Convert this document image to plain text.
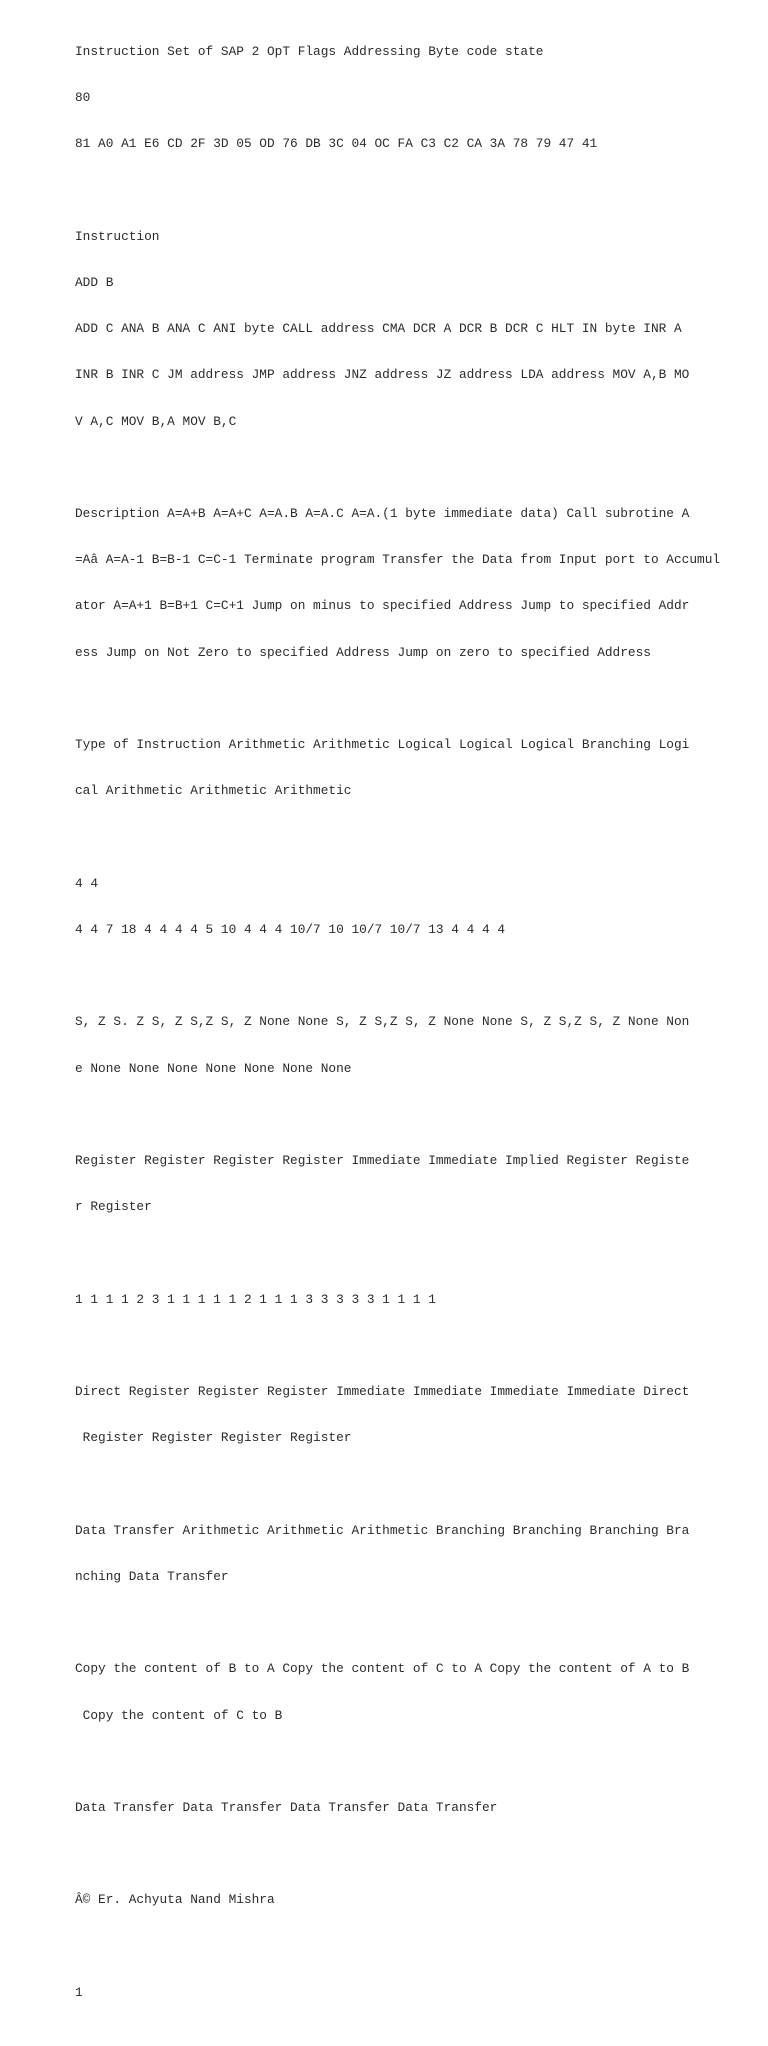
Instruction Set of SAP 2 OpT Flags Addressing Byte code state

80

81 A0 A1 E6 CD 2F 3D 05 OD 76 DB 3C 04 OC FA C3 C2 CA 3A 78 79 47 41

Instruction

ADD B

ADD C ANA B ANA C ANI byte CALL address CMA DCR A DCR B DCR C HLT IN byte INR A

INR B INR C JM address JMP address JNZ address JZ address LDA address MOV A,B MO

V A,C MOV B,A MOV B,C

Description A=A+B A=A+C A=A.B A=A.C A=A.(1 byte immediate data) Call subrotine A

=Aâ A=A-1 B=B-1 C=C-1 Terminate program Transfer the Data from Input port to Accumul

ator A=A+1 B=B+1 C=C+1 Jump on minus to specified Address Jump to specified Addr

ess Jump on Not Zero to specified Address Jump on zero to specified Address

Type of Instruction Arithmetic Arithmetic Logical Logical Logical Branching Logi

cal Arithmetic Arithmetic Arithmetic

4 4

4 4 7 18 4 4 4 4 5 10 4 4 4 10/7 10 10/7 10/7 13 4 4 4 4

S, Z S. Z S, Z S,Z S, Z None None S, Z S,Z S, Z None None S, Z S,Z S, Z None Non

e None None None None None None None

Register Register Register Register Immediate Immediate Implied Register Registe

r Register

1 1 1 1 2 3 1 1 1 1 1 2 1 1 1 3 3 3 3 3 1 1 1 1

Direct Register Register Register Immediate Immediate Immediate Immediate Direct

Register Register Register Register

Data Transfer Arithmetic Arithmetic Arithmetic Branching Branching Branching Bra

nching Data Transfer

Copy the content of B to A Copy the content of C to A Copy the content of A to B

Copy the content of C to B

Data Transfer Data Transfer Data Transfer Data Transfer

Â© Er. Achyuta Nand Mishra

1
